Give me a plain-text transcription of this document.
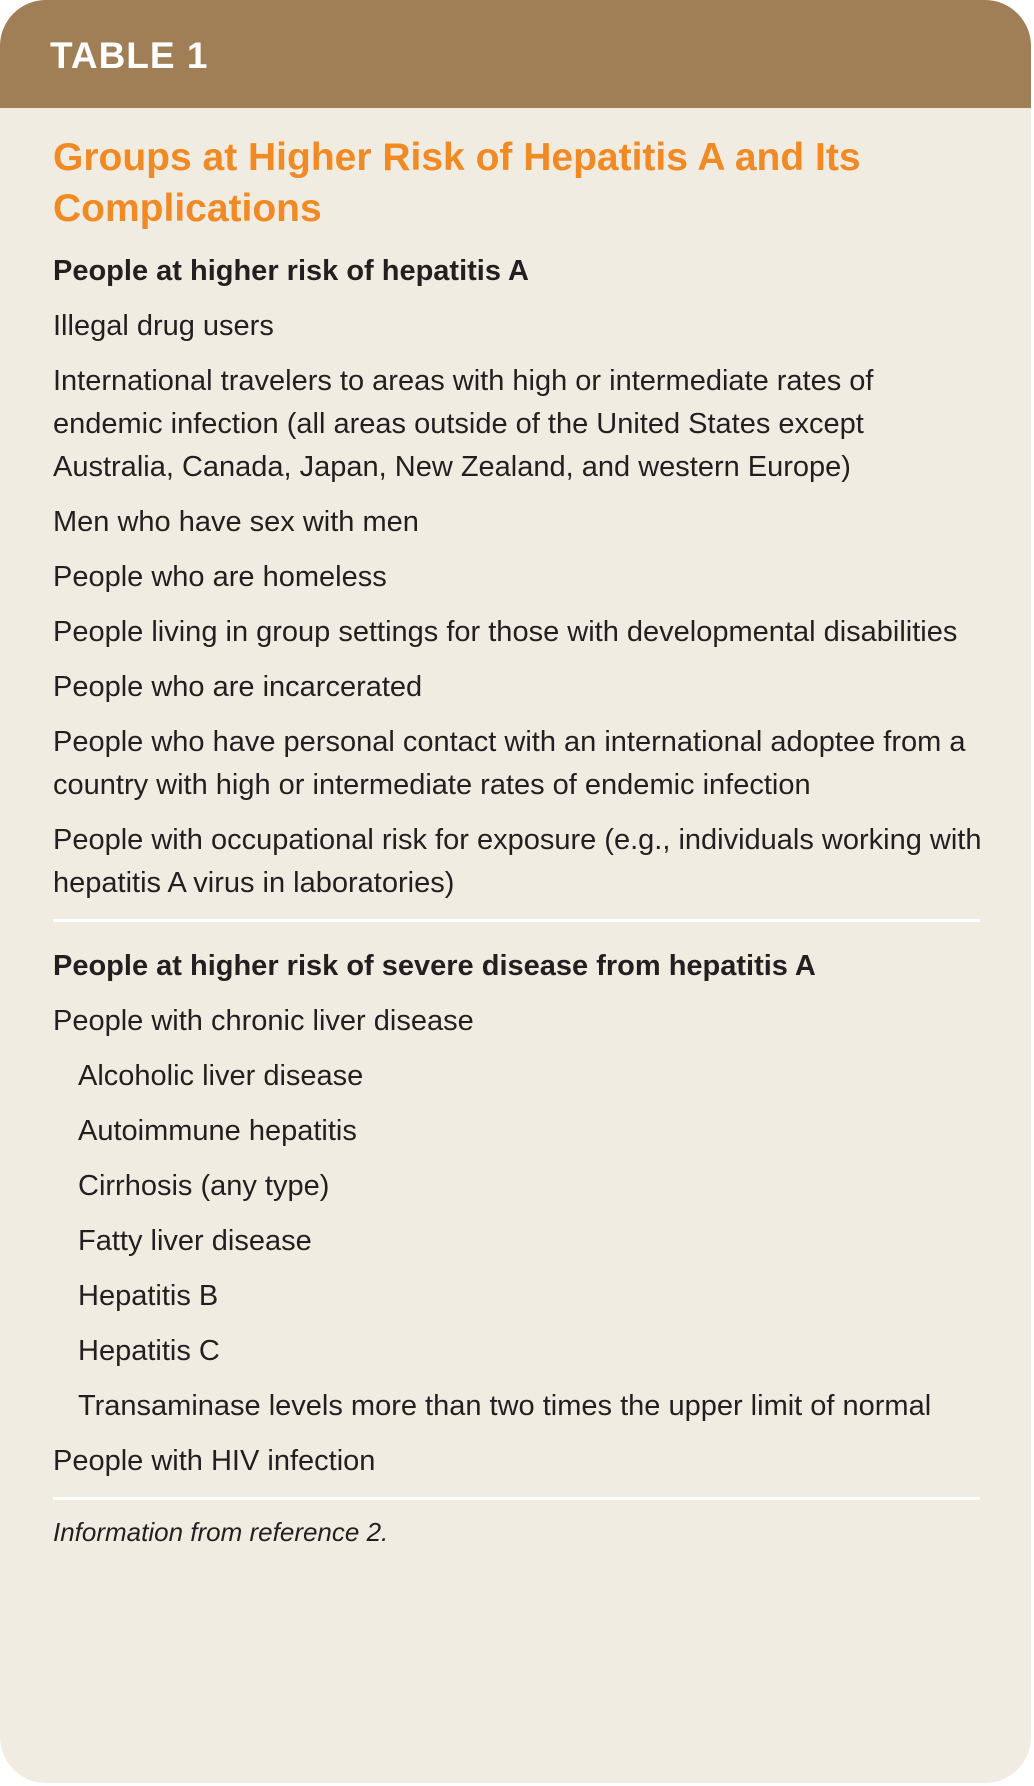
TABLE 1
Groups at Higher Risk of Hepatitis A and Its Complications
People at higher risk of hepatitis A
Illegal drug users
International travelers to areas with high or intermediate rates of endemic infection (all areas outside of the United States except Australia, Canada, Japan, New Zealand, and western Europe)
Men who have sex with men
People who are homeless
People living in group settings for those with developmental disabilities
People who are incarcerated
People who have personal contact with an international adoptee from a country with high or intermediate rates of endemic infection
People with occupational risk for exposure (e.g., individuals working with hepatitis A virus in laboratories)
People at higher risk of severe disease from hepatitis A
People with chronic liver disease
Alcoholic liver disease
Autoimmune hepatitis
Cirrhosis (any type)
Fatty liver disease
Hepatitis B
Hepatitis C
Transaminase levels more than two times the upper limit of normal
People with HIV infection
Information from reference 2.
